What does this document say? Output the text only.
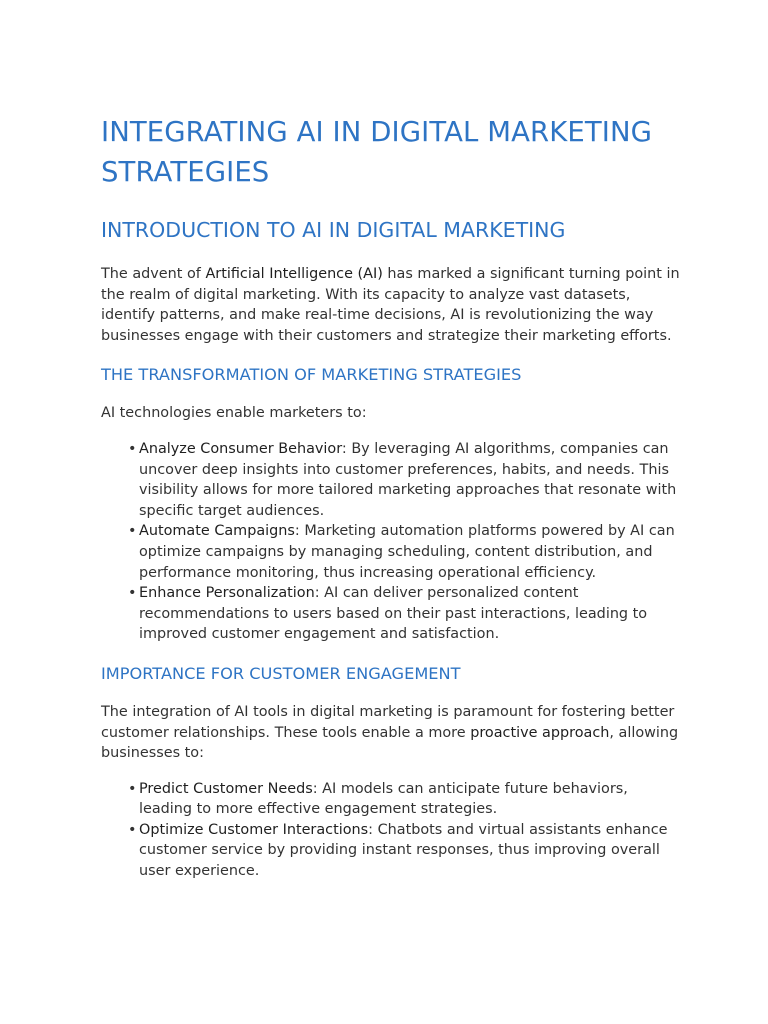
INTEGRATING AI IN DIGITAL MARKETING STRATEGIES
INTRODUCTION TO AI IN DIGITAL MARKETING

The advent of Artificial Intelligence (AI) has marked a significant turning point in the realm of digital marketing. With its capacity to analyze vast datasets, identify patterns, and make real-time decisions, AI is revolutionizing the way businesses engage with their customers and strategize their marketing efforts.

THE TRANSFORMATION OF MARKETING STRATEGIES

AI technologies enable marketers to:

• Analyze Consumer Behavior: By leveraging AI algorithms, companies can uncover deep insights into customer preferences, habits, and needs. This visibility allows for more tailored marketing approaches that resonate with specific target audiences.
• Automate Campaigns: Marketing automation platforms powered by AI can optimize campaigns by managing scheduling, content distribution, and performance monitoring, thus increasing operational efficiency.
• Enhance Personalization: AI can deliver personalized content recommendations to users based on their past interactions, leading to improved customer engagement and satisfaction.
IMPORTANCE FOR CUSTOMER ENGAGEMENT

The integration of AI tools in digital marketing is paramount for fostering better customer relationships. These tools enable a more proactive approach, allowing businesses to:

• Predict Customer Needs: AI models can anticipate future behaviors, leading to more effective engagement strategies.
• Optimize Customer Interactions: Chatbots and virtual assistants enhance customer service by providing instant responses, thus improving overall user experience.
